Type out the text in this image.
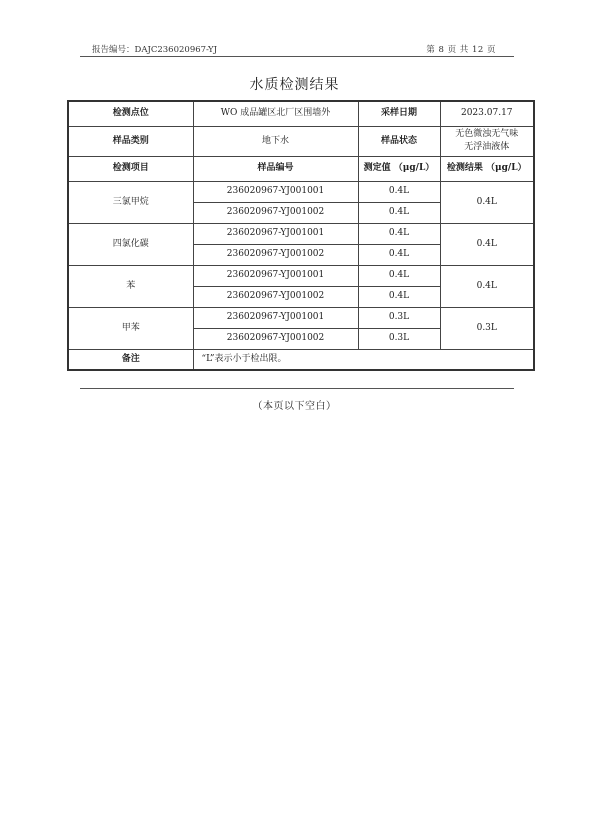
报告编号：DAJC236020967-YJ	第 8 页 共 12 页
水质检测结果
检测点位	WO 成品罐区北厂区围墙外	采样日期	2023.07.17
样品类别	地下水	样品状态	无色微浊无气味
无浮油液体

检测项目	样品编号	测定值 （μg/L）	检测结果 （μg/L）
三氯甲烷	236020967-YJ001001	0.4L	0.4L
	236020967-YJ001002	0.4L	
四氯化碳	236020967-YJ001001	0.4L	0.4L
	236020967-YJ001002	0.4L	
苯	236020967-YJ001001	0.4L	0.4L
	236020967-YJ001002	0.4L	
甲苯	236020967-YJ001001	0.3L	0.3L
	236020967-YJ001002	0.3L	
备注	“L”表示小于检出限。		
（本页以下空白）
